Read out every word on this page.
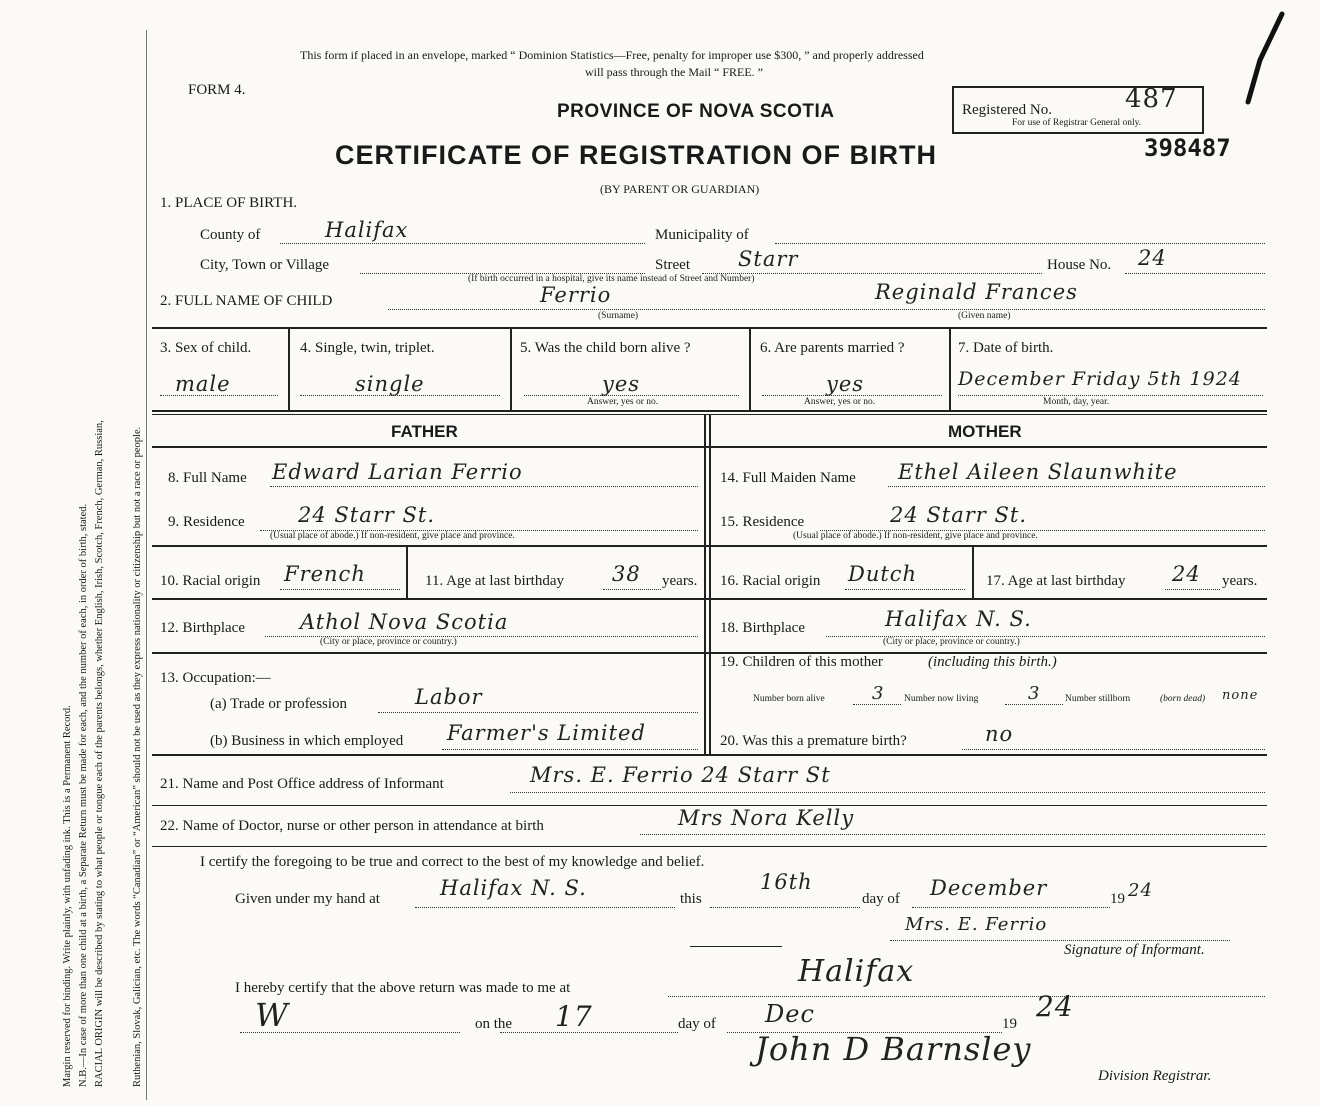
Margin reserved for binding. Write plainly, with unfading ink. This is a Permanent Record. N.B.—In case of more than one child at a birth, a Separate Return must be made for each, and the number of each, in order of birth, stated. RACIAL ORIGIN will be described by stating to what people or tongue each of the parents belongs, whether English, Irish, Scotch, French, German, Russian,	Ruthenian, Slovak, Galician, etc. The words “Canadian” or “American” should not be used as they express nationality or citizenship but not a race or people.
This form if placed in an envelope, marked “ Dominion Statistics—Free, penalty for improper use $300, ” and properly addressed
will pass through the Mail “ FREE. ”
FORM 4.
PROVINCE OF NOVA SCOTIA
CERTIFICATE OF REGISTRATION OF BIRTH
(BY PARENT OR GUARDIAN)
Registered No.	487
For use of Registrar General only.
398487
1. PLACE OF BIRTH.
County of	Halifax	Municipality of
City, Town or Village	Street Starr	House No. 24
(If birth occurred in a hospital, give its name instead of Street and Number)
2. FULL NAME OF CHILD	Ferrio
(Surname)
Reginald Frances
(Given name)
3. Sex of child.
male
4. Single, twin, triplet.
single
5. Was the child born alive ?
yes
Answer, yes or no.
6. Are parents married ?
yes
Answer, yes or no.
7. Date of birth.
December Friday 5th 1924
Month, day, year.
FATHER	MOTHER
8. Full Name Edward Larian Ferrio
9. Residence	24 Starr St.
(Usual place of abode.) If non-resident, give place and province.
10. Racial origin French	11. Age at last birthday 38 years.
12. Birthplace	Athol Nova Scotia
(City or place, province or country.)
13. Occupation:—
(a) Trade or profession	Labor
(b) Business in which employed Farmer's Limited
14. Full Maiden Name Ethel Aileen Slaunwhite
15. Residence	24 Starr St.
(Usual place of abode.) If non-resident, give place and province.
16. Racial origin Dutch	17. Age at last birthday 24 years.
18. Birthplace	Halifax N. S.
(City or place, province or country.)
19. Children of this mother	(including this birth.)
Number born alive	3 Number now living	3	Number stillborn	(born dead) none
20. Was this a premature birth?	no
21. Name and Post Office address of Informant	Mrs. E. Ferrio 24 Starr St
22. Name of Doctor, nurse or other person in attendance at birth	Mrs Nora Kelly
I certify the foregoing to be true and correct to the best of my knowledge and belief.
Given under my hand at	Halifax N. S.	this
16th
day of December	19 24
Mrs. E. Ferrio
Signature of Informant.
I hereby certify that the above return was made to me at	Halifax
W	on the 17	day of Dec	19
24
John D Barnsley
Division Registrar.
